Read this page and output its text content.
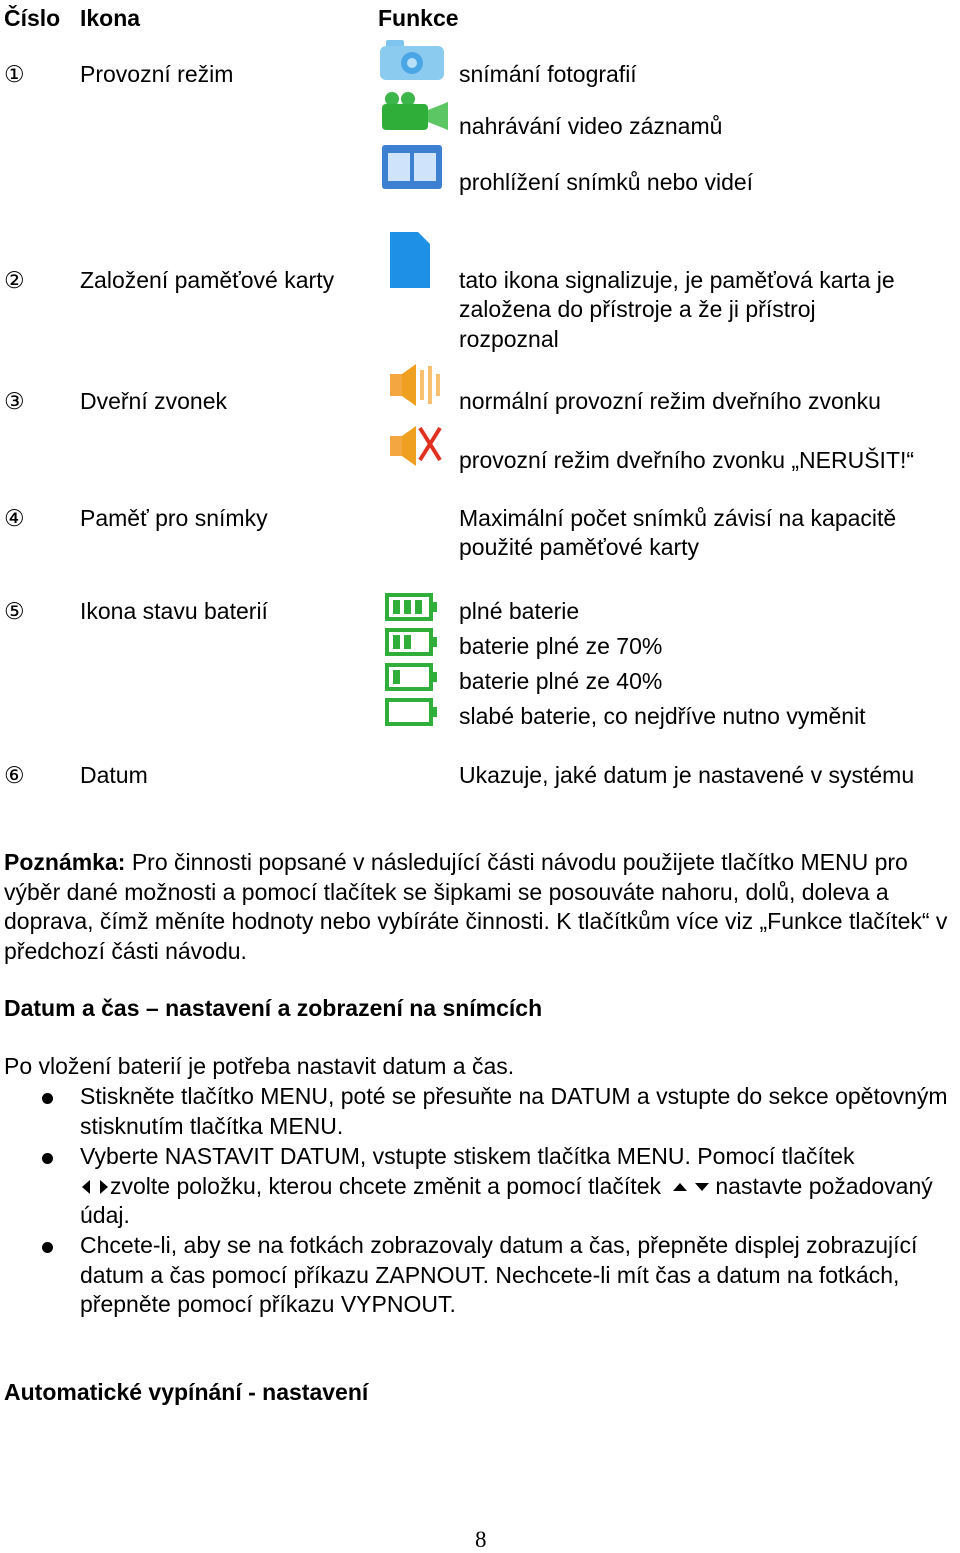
Číslo Ikona	Funkce
① Provozní režim	snímání fotografií
nahrávání video záznamů
prohlížení snímků nebo videí
② Založení paměťové karty	tato ikona signalizuje, je paměťová karta je
založena do přístroje a že ji přístroj
rozpoznal
③ Dveřní zvonek	normální provozní režim dveřního zvonku
provozní režim dveřního zvonku „NERUŠIT!“
④ Paměť pro snímky	Maximální počet snímků závisí na kapacitě
použité paměťové karty
⑤ Ikona stavu baterií	plné baterie
baterie plné ze 70%
baterie plné ze 40%
slabé baterie, co nejdříve nutno vyměnit
⑥ Datum	Ukazuje, jaké datum je nastavené v systému
Poznámka: Pro činnosti popsané v následující části návodu použijete tlačítko MENU pro výběr dané možnosti a pomocí tlačítek se šipkami se posouváte nahoru, dolů, doleva a doprava, čímž měníte hodnoty nebo vybíráte činnosti. K tlačítkům více viz „Funkce tlačítek“ v předchozí části návodu.
Datum a čas – nastavení a zobrazení na snímcích
Po vložení baterií je potřeba nastavit datum a čas.
Stiskněte tlačítko MENU, poté se přesuňte na DATUM a vstupte do sekce opětovným stisknutím tlačítka MENU.
Vyberte NASTAVIT DATUM, vstupte stiskem tlačítka MENU. Pomocí tlačítek
zvolte položku, kterou chcete změnit a pomocí tlačítek nastavte požadovaný údaj.
Chcete-li, aby se na fotkách zobrazovaly datum a čas, přepněte displej zobrazující datum a čas pomocí příkazu ZAPNOUT. Nechcete-li mít čas a datum na fotkách, přepněte pomocí příkazu VYPNOUT.
Automatické vypínání - nastavení
8
